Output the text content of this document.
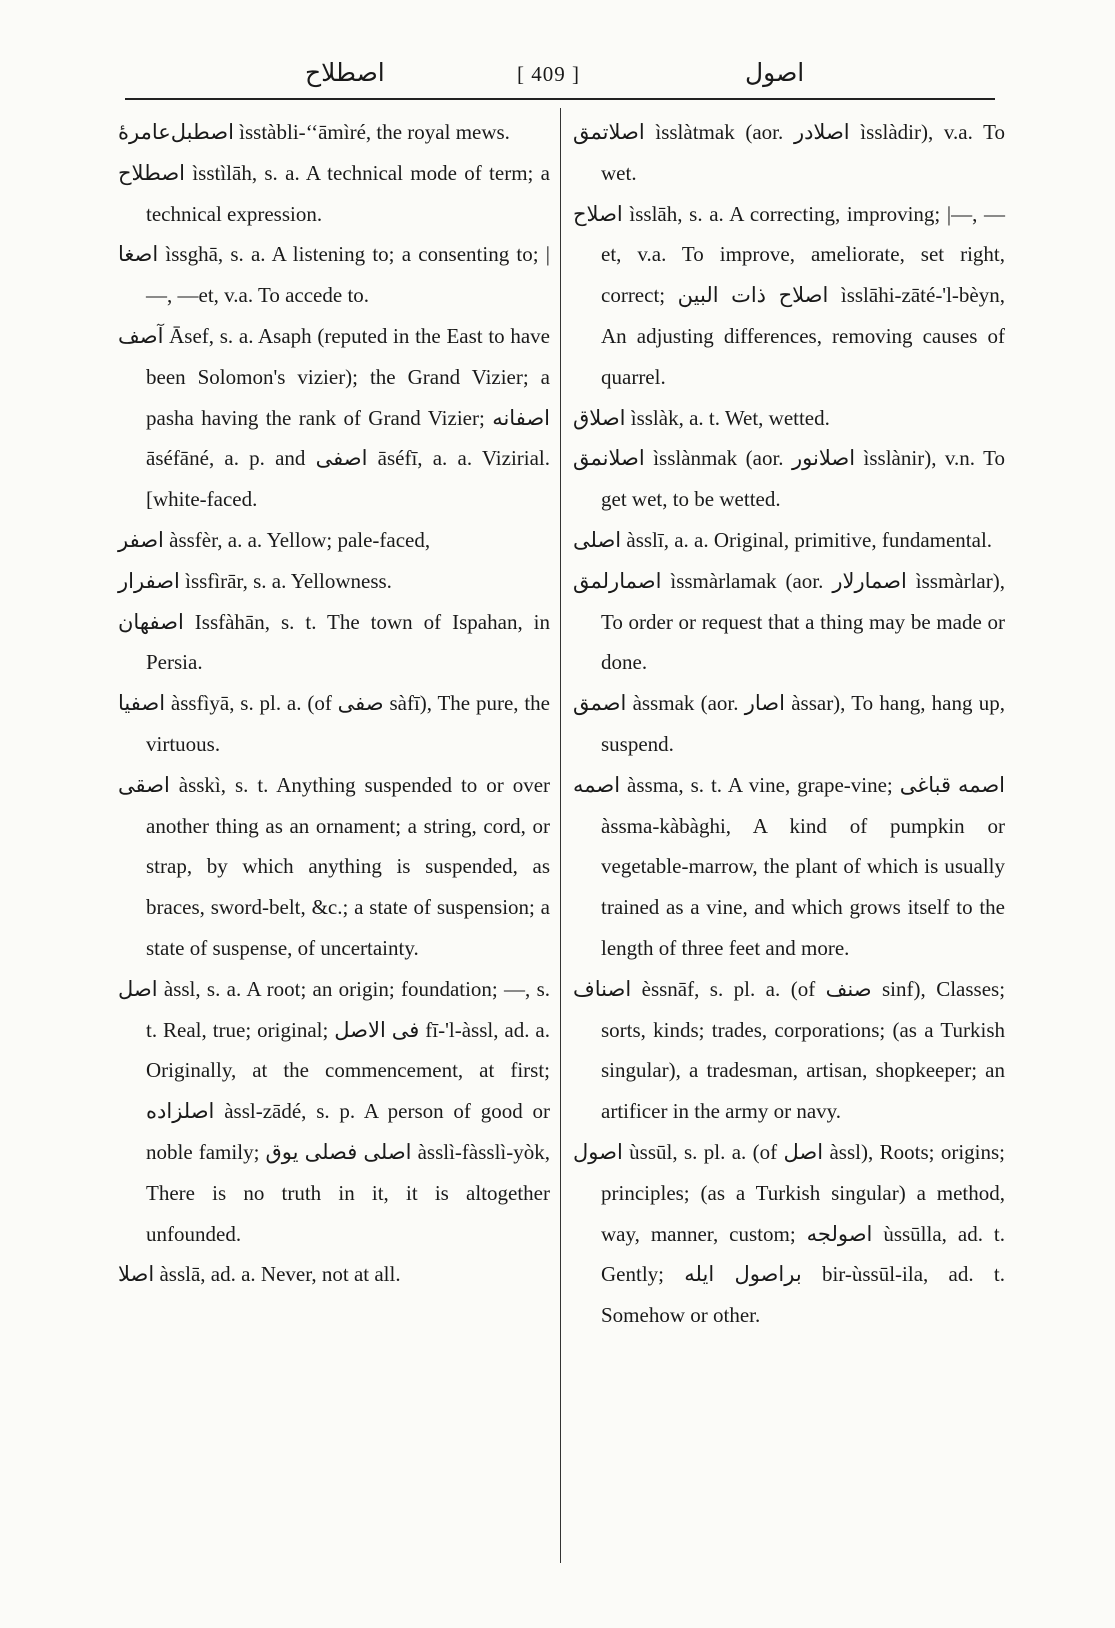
اصطلاح	[ 409 ]	اصول

اصطبل‌عامرۀ ìsstàbli-‘‘āmìré, the royal mews.

اصطلاح ìsstìlāh, s. a. A technical mode of term; a technical expression.

اصغا ìssghā, s. a. A listening to; a consenting to; |—, —et, v.a. To accede to.

آصف Āsef, s. a. Asaph (reputed in the East to have been Solomon's vizier); the Grand Vizier; a pasha having the rank of Grand Vizier; اصفانه āséfāné, a. p. and اصفی āséfī, a. a. Vizirial. [white-faced.

اصفر àssfèr, a. a. Yellow; pale-faced,

اصفرار ìssfìrār, s. a. Yellowness.

اصفهان Issfàhān, s. t. The town of Ispahan, in Persia.

اصفیا àssfìyā, s. pl. a. (of صفی sàfī), The pure, the virtuous.

اصقی àsskì, s. t. Anything suspended to or over another thing as an ornament; a string, cord, or strap, by which anything is suspended, as braces, sword-belt, &c.; a state of suspension; a state of suspense, of uncertainty.

اصل àssl, s. a. A root; an origin; foundation; —, s. t. Real, true; original; فی الاصل fī-'l-àssl, ad. a. Originally, at the commencement, at first; اصلزاده àssl-zādé, s. p. A person of good or noble family; اصلی فصلی یوق àsslì-fàsslì-yòk, There is no truth in it, it is altogether unfounded.

اصلا àsslā, ad. a. Never, not at all.

اصلاتمق ìsslàtmak (aor. اصلادر ìsslàdir), v.a. To wet.

اصلاح ìsslāh, s. a. A correcting, improving; |—, —et, v.a. To improve, ameliorate, set right, correct; اصلاح ذات البین ìsslāhi-zāté-'l-bèyn, An adjusting differences, removing causes of quarrel.

اصلاق ìsslàk, a. t. Wet, wetted.

اصلانمق ìsslànmak (aor. اصلانور ìsslànir), v.n. To get wet, to be wetted.

اصلی àsslī, a. a. Original, primitive, fundamental.

اصمارلمق ìssmàrlamak (aor. اصمارلار ìssmàrlar), To order or request that a thing may be made or done.

اصمق àssmak (aor. اصار àssar), To hang, hang up, suspend.

اصمه àssma, s. t. A vine, grape-vine; اصمه قباغی àssma-kàbàghi, A kind of pumpkin or vegetable-marrow, the plant of which is usually trained as a vine, and which grows itself to the length of three feet and more.

اصناف èssnāf, s. pl. a. (of صنف sinf), Classes; sorts, kinds; trades, corporations; (as a Turkish singular), a tradesman, artisan, shopkeeper; an artificer in the army or navy.

اصول ùssūl, s. pl. a. (of اصل àssl), Roots; origins; principles; (as a Turkish singular) a method, way, manner, custom; اصولجه ùssūlla, ad. t. Gently; براصول ایله bir-ùssūl-ila, ad. t. Somehow or other.
